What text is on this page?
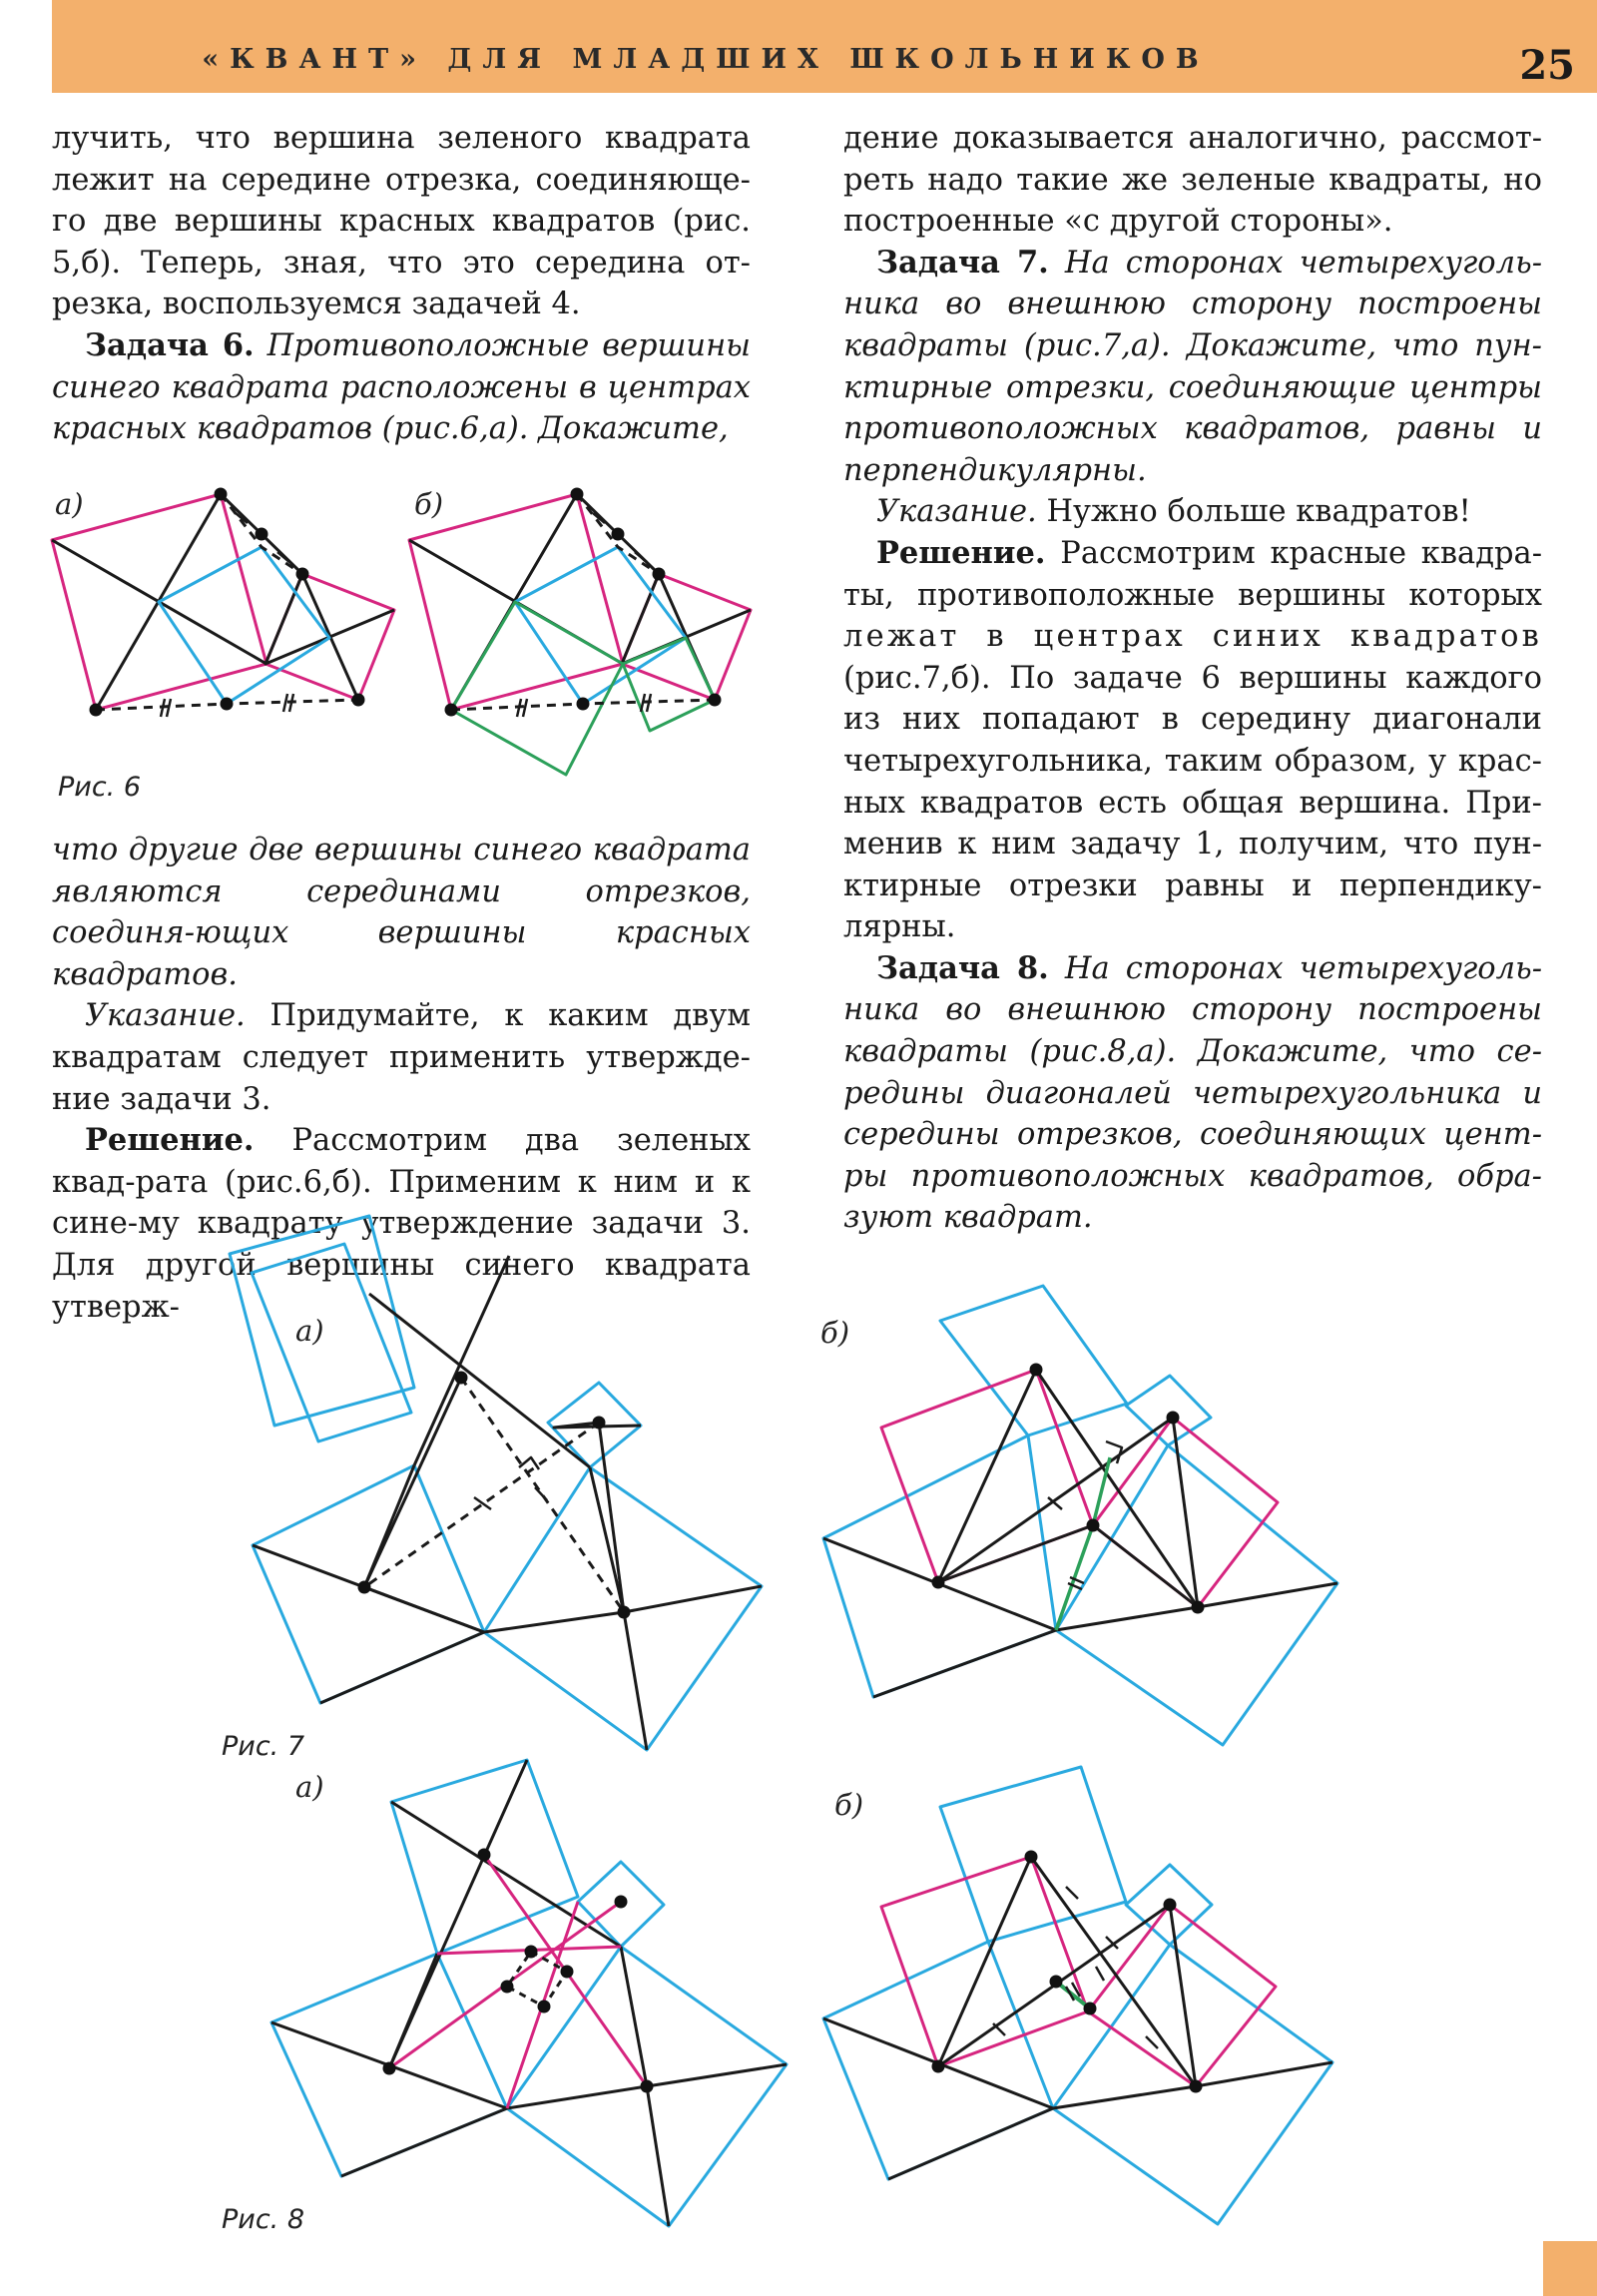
«КВАНТ» ДЛЯ МЛАДШИХ ШКОЛЬНИКОВ	25

лучить, что вершина зеленого квадрата лежит на середине отрезка, соединяюще-го две вершины красных квадратов (рис. 5,б). Теперь, зная, что это середина от-резка, воспользуемся задачей 4.

Задача 6. Противоположные вершины синего квадрата расположены в центрах красных квадратов (рис.6,а). Докажите,

что другие две вершины синего квадрата являются серединами отрезков, соединя-ющих вершины красных квадратов.

Указание. Придумайте, к каким двум квадратам следует применить утвержде-ние задачи 3.

Решение. Рассмотрим два зеленых квад-рата (рис.6,б). Применим к ним и к сине-му квадрату утверждение задачи 3. Для другой вершины синего квадрата утверж-

дение доказывается аналогично, рассмот-реть надо такие же зеленые квадраты, но построенные «с другой стороны».

Задача 7. На сторонах четырехуголь-ника во внешнюю сторону построены квадраты (рис.7,а). Докажите, что пун-ктирные отрезки, соединяющие центры противоположных квадратов, равны и перпендикулярны.

Указание. Нужно больше квадратов!

Решение. Рассмотрим красные квадра-ты, противоположные вершины которых

лежат в центрах синих квадратов

(рис.7,б). По задаче 6 вершины каждого из них попадают в середину диагонали четырехугольника, таким образом, у крас-ных квадратов есть общая вершина. При-менив к ним задачу 1, получим, что пун-ктирные отрезки равны и перпендику-лярны.

Задача 8. На сторонах четырехуголь-ника во внешнюю сторону построены квадраты (рис.8,а). Докажите, что се-редины диагоналей четырехугольника и середины отрезков, соединяющих цент-ры противоположных квадратов, обра-зуют квадрат.

а)	б)
Рис. 6
а)
Рис. 7
б)
а)
Рис. 8
б)
